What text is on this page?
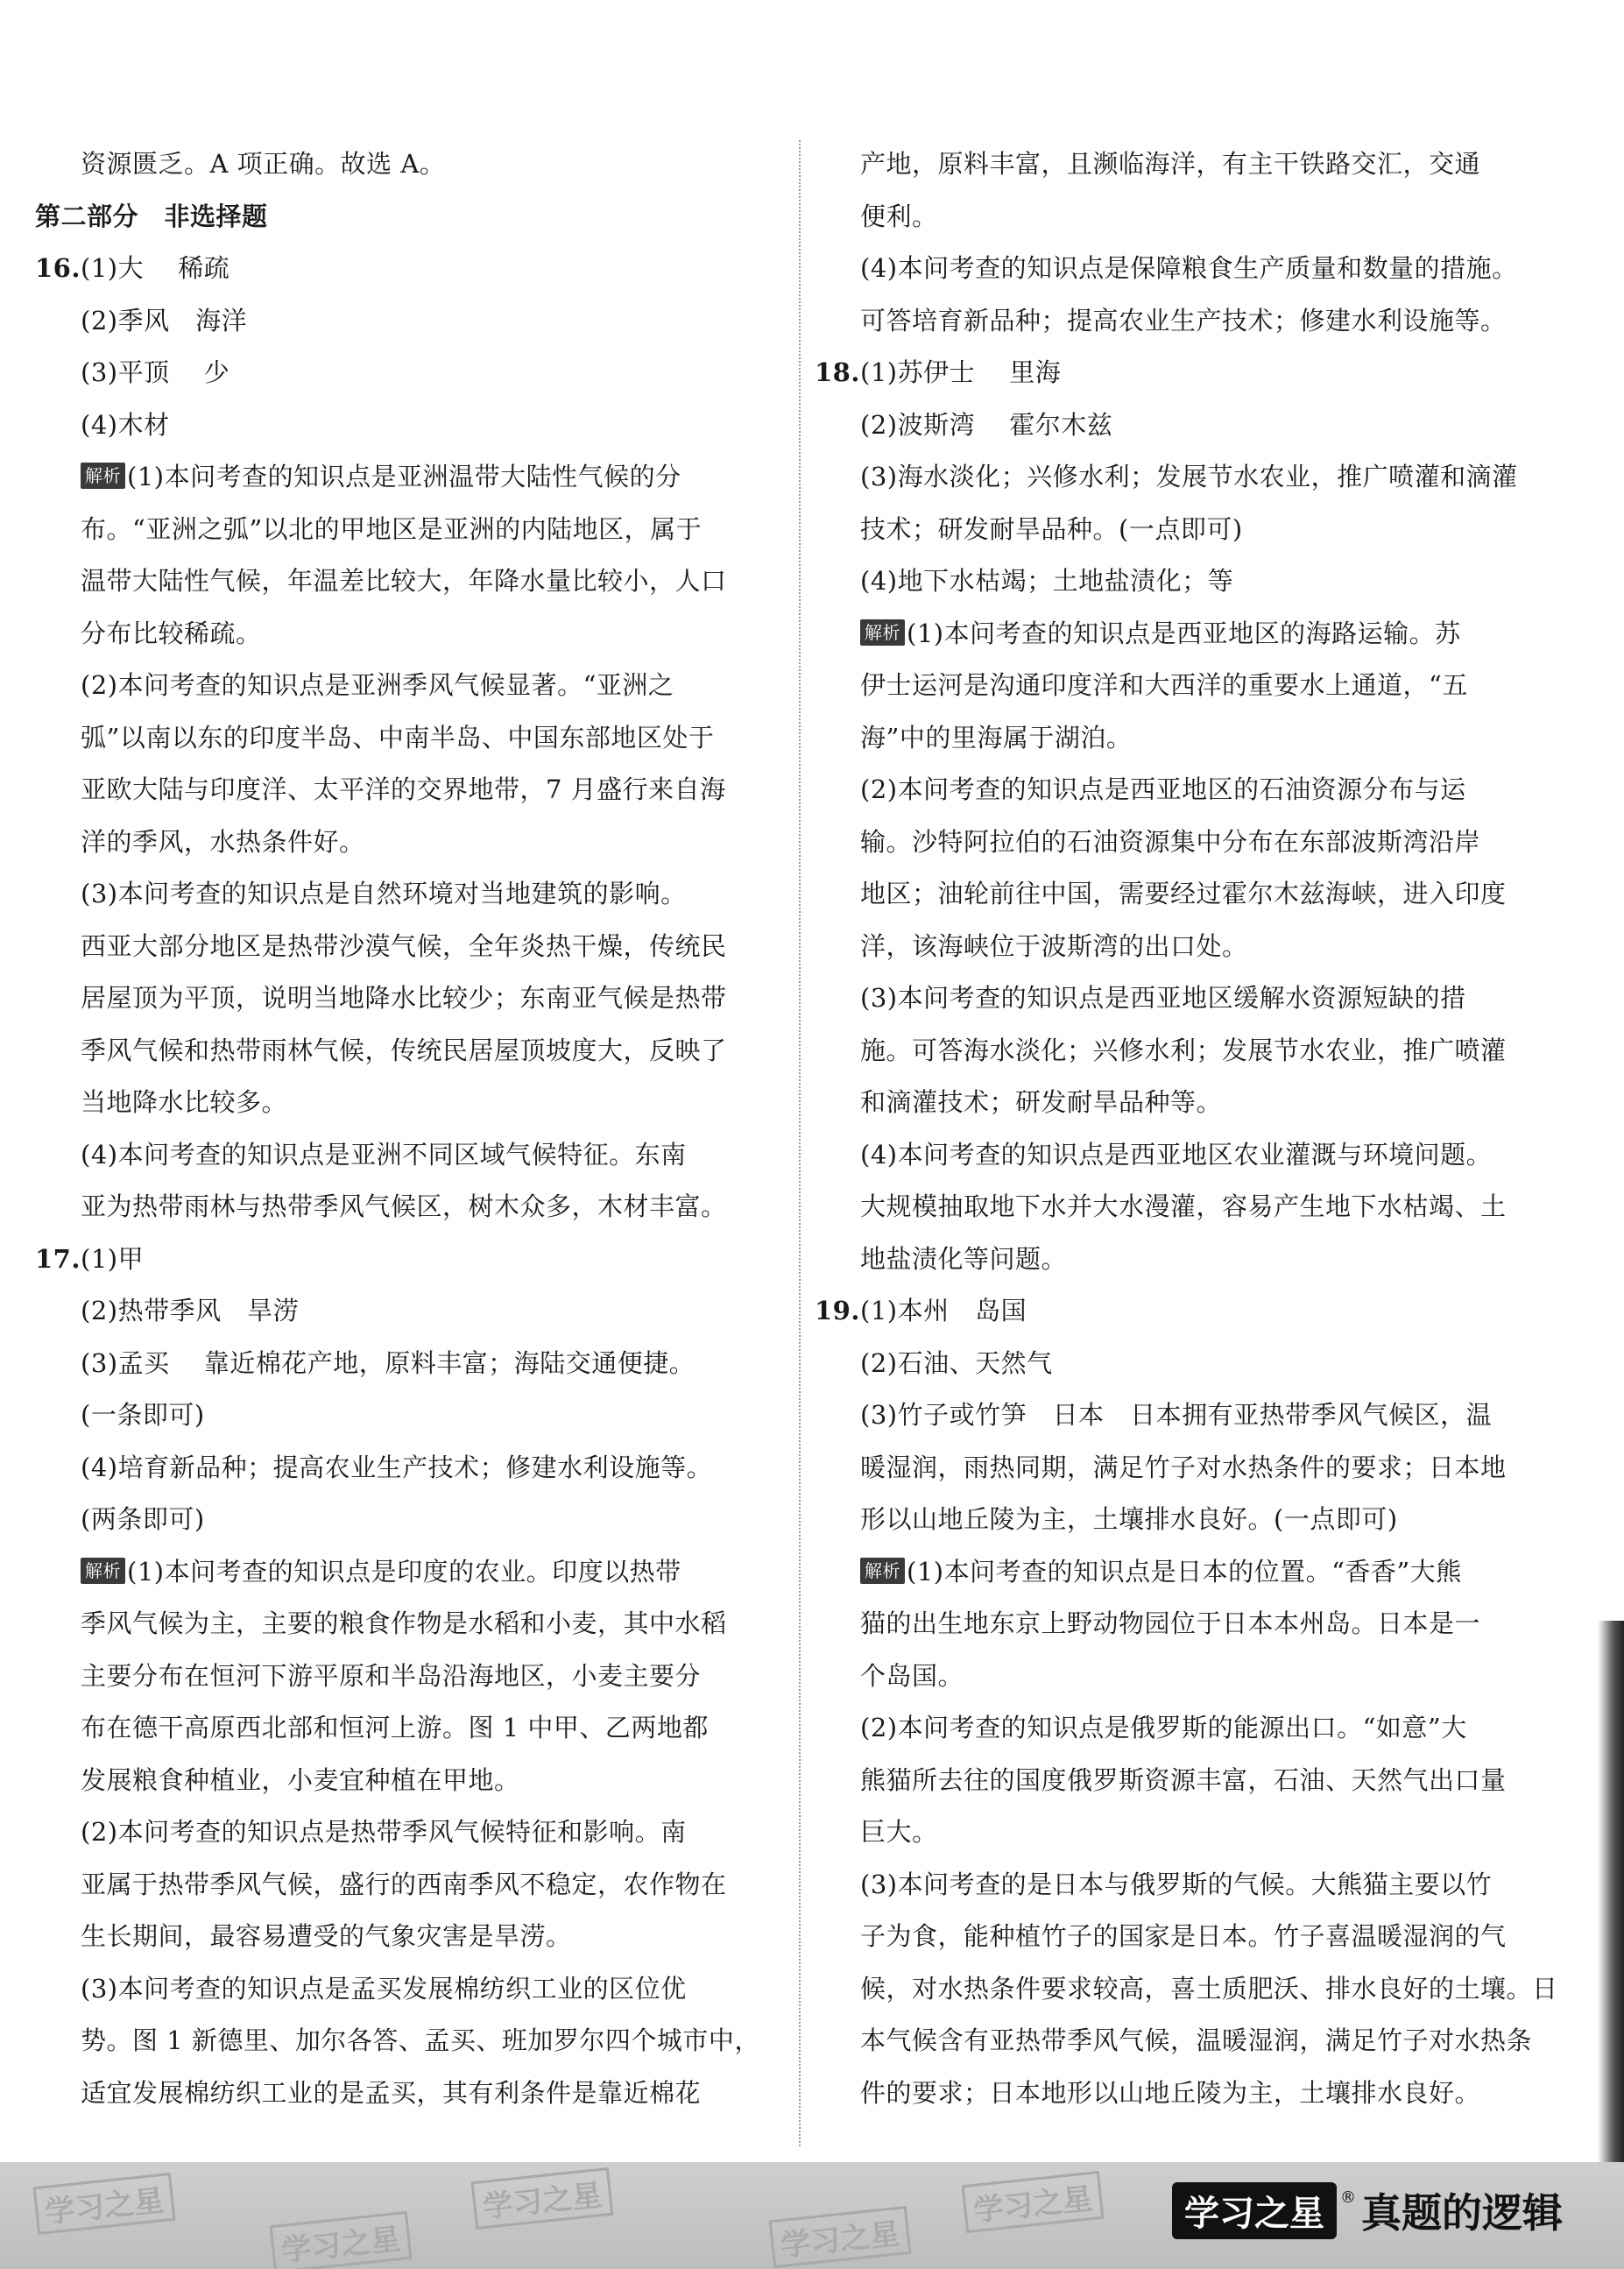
资源匮乏。A 项正确。故选 A。
第二部分　非选择题
16.(1)大　 稀疏
(2)季风　海洋
(3)平顶　 少
(4)木材
解析 (1)本问考查的知识点是亚洲温带大陆性气候的分
布。“亚洲之弧”以北的甲地区是亚洲的内陆地区，属于
温带大陆性气候，年温差比较大，年降水量比较小，人口
分布比较稀疏。
(2)本问考查的知识点是亚洲季风气候显著。“亚洲之
弧”以南以东的印度半岛、中南半岛、中国东部地区处于
亚欧大陆与印度洋、太平洋的交界地带，7 月盛行来自海
洋的季风，水热条件好。
(3)本问考查的知识点是自然环境对当地建筑的影响。
西亚大部分地区是热带沙漠气候，全年炎热干燥，传统民
居屋顶为平顶，说明当地降水比较少；东南亚气候是热带
季风气候和热带雨林气候，传统民居屋顶坡度大，反映了
当地降水比较多。
(4)本问考查的知识点是亚洲不同区域气候特征。东南
亚为热带雨林与热带季风气候区，树木众多，木材丰富。
17.(1)甲
(2)热带季风　旱涝
(3)孟买　 靠近棉花产地，原料丰富；海陆交通便捷。
(一条即可)
(4)培育新品种；提高农业生产技术；修建水利设施等。
(两条即可)
解析 (1)本问考查的知识点是印度的农业。印度以热带
季风气候为主，主要的粮食作物是水稻和小麦，其中水稻
主要分布在恒河下游平原和半岛沿海地区，小麦主要分
布在德干高原西北部和恒河上游。图 1 中甲、乙两地都
发展粮食种植业，小麦宜种植在甲地。
(2)本问考查的知识点是热带季风气候特征和影响。南
亚属于热带季风气候，盛行的西南季风不稳定，农作物在
生长期间，最容易遭受的气象灾害是旱涝。
(3)本问考查的知识点是孟买发展棉纺织工业的区位优
势。图 1 新德里、加尔各答、孟买、班加罗尔四个城市中，
适宜发展棉纺织工业的是孟买，其有利条件是靠近棉花
产地，原料丰富，且濒临海洋，有主干铁路交汇，交通
便利。
(4)本问考查的知识点是保障粮食生产质量和数量的措施。
可答培育新品种；提高农业生产技术；修建水利设施等。
18.(1)苏伊士　 里海
(2)波斯湾　 霍尔木兹
(3)海水淡化；兴修水利；发展节水农业，推广喷灌和滴灌
技术；研发耐旱品种。(一点即可)
(4)地下水枯竭；土地盐渍化；等
解析 (1)本问考查的知识点是西亚地区的海路运输。苏
伊士运河是沟通印度洋和大西洋的重要水上通道，“五
海”中的里海属于湖泊。
(2)本问考查的知识点是西亚地区的石油资源分布与运
输。沙特阿拉伯的石油资源集中分布在东部波斯湾沿岸
地区；油轮前往中国，需要经过霍尔木兹海峡，进入印度
洋，该海峡位于波斯湾的出口处。
(3)本问考查的知识点是西亚地区缓解水资源短缺的措
施。可答海水淡化；兴修水利；发展节水农业，推广喷灌
和滴灌技术；研发耐旱品种等。
(4)本问考查的知识点是西亚地区农业灌溉与环境问题。
大规模抽取地下水并大水漫灌，容易产生地下水枯竭、土
地盐渍化等问题。
19.(1)本州　岛国
(2)石油、天然气
(3)竹子或竹笋　日本　日本拥有亚热带季风气候区，温
暖湿润，雨热同期，满足竹子对水热条件的要求；日本地
形以山地丘陵为主，土壤排水良好。(一点即可)
解析 (1)本问考查的知识点是日本的位置。“香香”大熊
猫的出生地东京上野动物园位于日本本州岛。日本是一
个岛国。
(2)本问考查的知识点是俄罗斯的能源出口。“如意”大
熊猫所去往的国度俄罗斯资源丰富，石油、天然气出口量
巨大。
(3)本问考查的是日本与俄罗斯的气候。大熊猫主要以竹
子为食，能种植竹子的国家是日本。竹子喜温暖湿润的气
候，对水热条件要求较高，喜土质肥沃、排水良好的土壤。日
本气候含有亚热带季风气候，温暖湿润，满足竹子对水热条
件的要求；日本地形以山地丘陵为主，土壤排水良好。
学习之星
学习之星
学习之星
学习之星
学习之星	学习之星	® 真题的逻辑
